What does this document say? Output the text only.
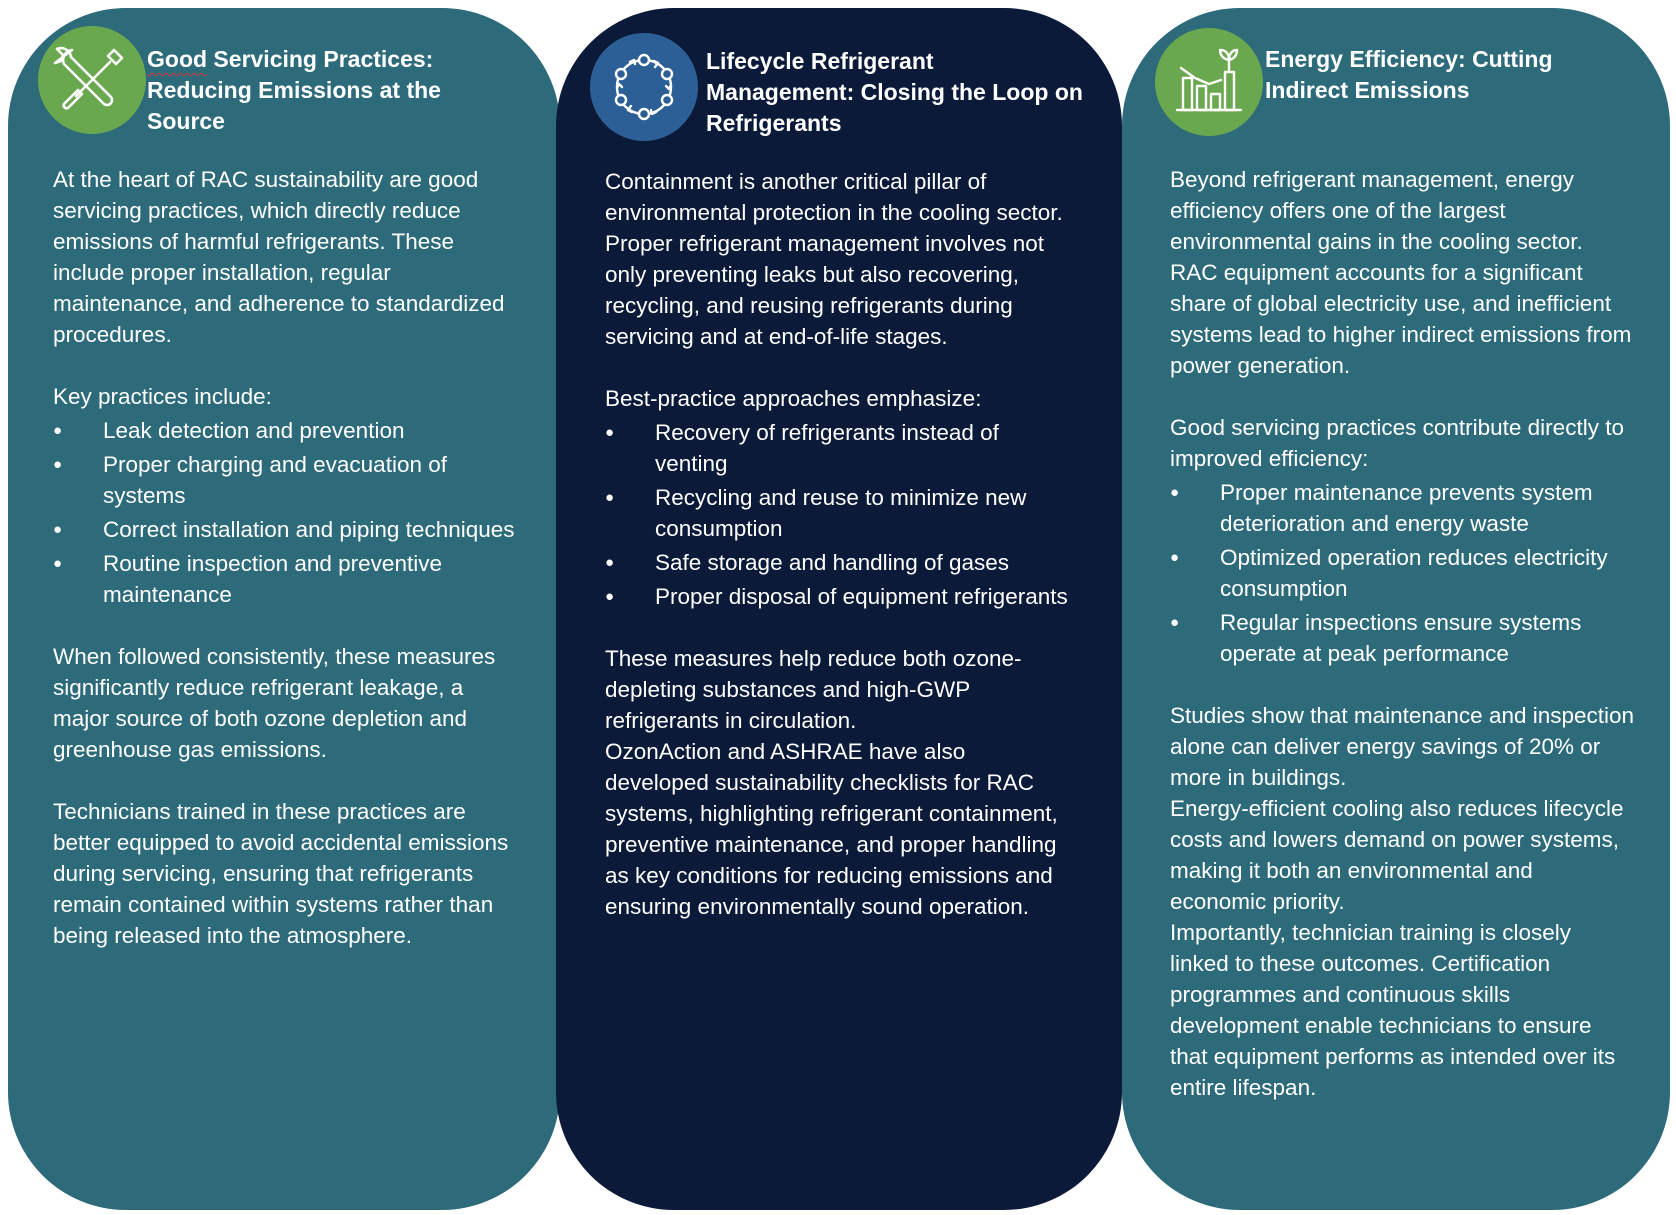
Good Servicing Practices: Reducing Emissions at the Source

At the heart of RAC sustainability are good servicing practices, which directly reduce emissions of harmful refrigerants. These include proper installation, regular maintenance, and adherence to standardized procedures.

Key practices include:

● Leak detection and prevention
● Proper charging and evacuation of systems
● Correct installation and piping techniques
● Routine inspection and preventive maintenance

When followed consistently, these measures significantly reduce refrigerant leakage, a major source of both ozone depletion and greenhouse gas emissions.

Technicians trained in these practices are better equipped to avoid accidental emissions during servicing, ensuring that refrigerants remain contained within systems rather than being released into the atmosphere.

Lifecycle Refrigerant Management: Closing the Loop on Refrigerants

Containment is another critical pillar of environmental protection in the cooling sector. Proper refrigerant management involves not only preventing leaks but also recovering, recycling, and reusing refrigerants during servicing and at end-of-life stages.

Best-practice approaches emphasize:

● Recovery of refrigerants instead of venting
● Recycling and reuse to minimize new consumption
● Safe storage and handling of gases
● Proper disposal of equipment refrigerants

These measures help reduce both ozone-depleting substances and high-GWP refrigerants in circulation.

OzonAction and ASHRAE have also developed sustainability checklists for RAC systems, highlighting refrigerant containment, preventive maintenance, and proper handling as key conditions for reducing emissions and ensuring environmentally sound operation.

Energy Efficiency: Cutting Indirect Emissions

Beyond refrigerant management, energy efficiency offers one of the largest environmental gains in the cooling sector. RAC equipment accounts for a significant share of global electricity use, and inefficient systems lead to higher indirect emissions from power generation.

Good servicing practices contribute directly to improved efficiency:

● Proper maintenance prevents system deterioration and energy waste
● Optimized operation reduces electricity consumption
● Regular inspections ensure systems operate at peak performance

Studies show that maintenance and inspection alone can deliver energy savings of 20% or more in buildings.

Energy-efficient cooling also reduces lifecycle costs and lowers demand on power systems, making it both an environmental and economic priority.

Importantly, technician training is closely linked to these outcomes. Certification programmes and continuous skills development enable technicians to ensure that equipment performs as intended over its entire lifespan.
